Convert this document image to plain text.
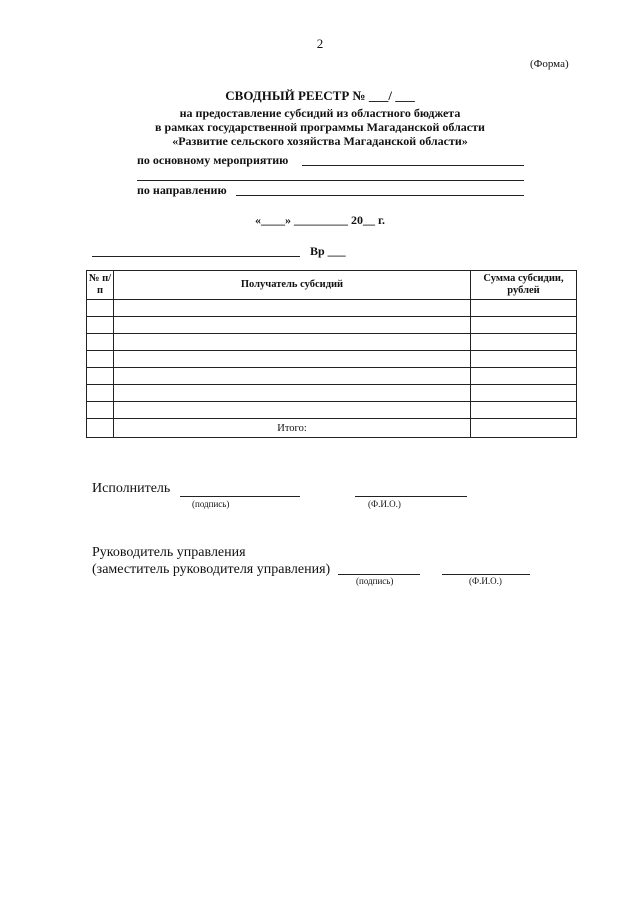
2
(Форма)
СВОДНЫЙ РЕЕСТР № ___/ ___
на предоставление субсидий из областного бюджета
в рамках государственной программы Магаданской области
«Развитие сельского хозяйства Магаданской области»
по основному мероприятию
по направлению
«____» _________ 20__ г.
Вр ___
№ п/п	Получатель субсидий	Сумма субсидии, рублей

	Итого:	
Исполнитель
(подпись)	(Ф.И.О.)
Руководитель управления
(заместитель руководителя управления)
(подпись)	(Ф.И.О.)
